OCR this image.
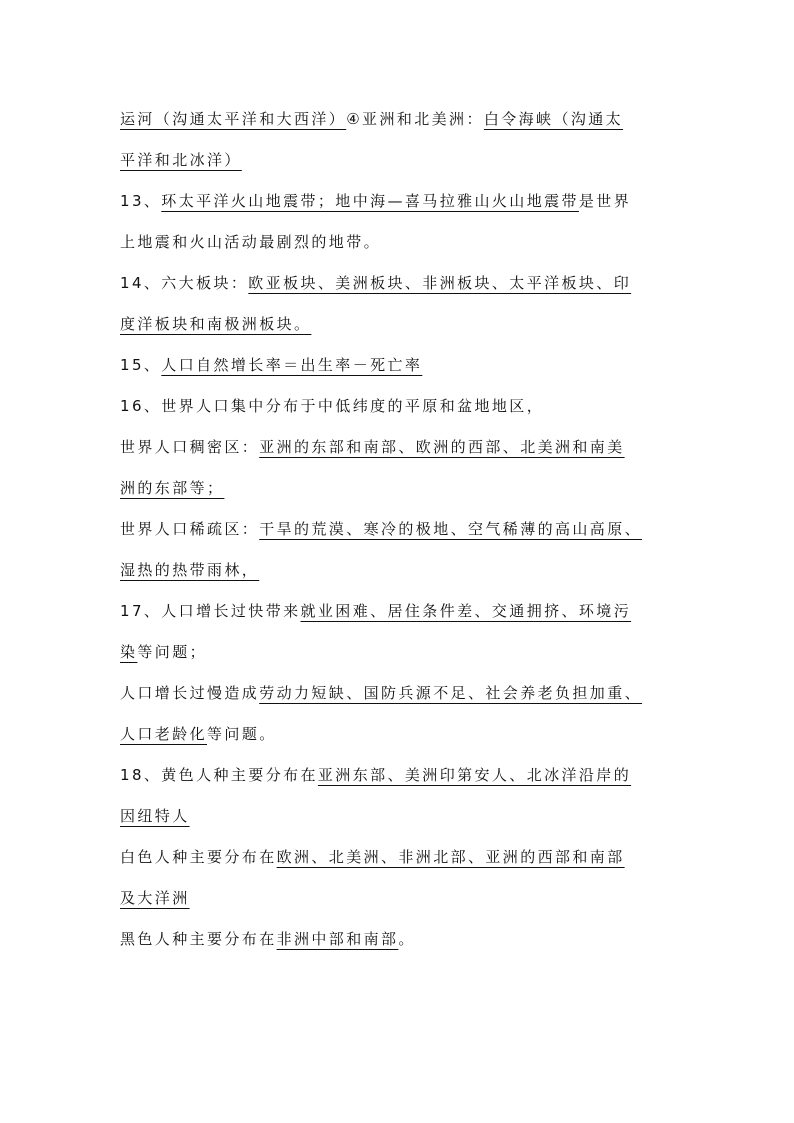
运河（沟通太平洋和大西洋）④亚洲和北美洲：白令海峡（沟通太
平洋和北冰洋）
13、环太平洋火山地震带；地中海—喜马拉雅山火山地震带是世界
上地震和火山活动最剧烈的地带。
14、六大板块：欧亚板块、美洲板块、非洲板块、太平洋板块、印
度洋板块和南极洲板块。
15、人口自然增长率＝出生率－死亡率
16、世界人口集中分布于中低纬度的平原和盆地地区，
世界人口稠密区：亚洲的东部和南部、欧洲的西部、北美洲和南美
洲的东部等；
世界人口稀疏区：干旱的荒漠、寒冷的极地、空气稀薄的高山高原、
湿热的热带雨林，
17、人口增长过快带来就业困难、居住条件差、交通拥挤、环境污
染等问题；
人口增长过慢造成劳动力短缺、国防兵源不足、社会养老负担加重、
人口老龄化等问题。
18、黄色人种主要分布在亚洲东部、美洲印第安人、北冰洋沿岸的
因纽特人
白色人种主要分布在欧洲、北美洲、非洲北部、亚洲的西部和南部
及大洋洲
黑色人种主要分布在非洲中部和南部。
